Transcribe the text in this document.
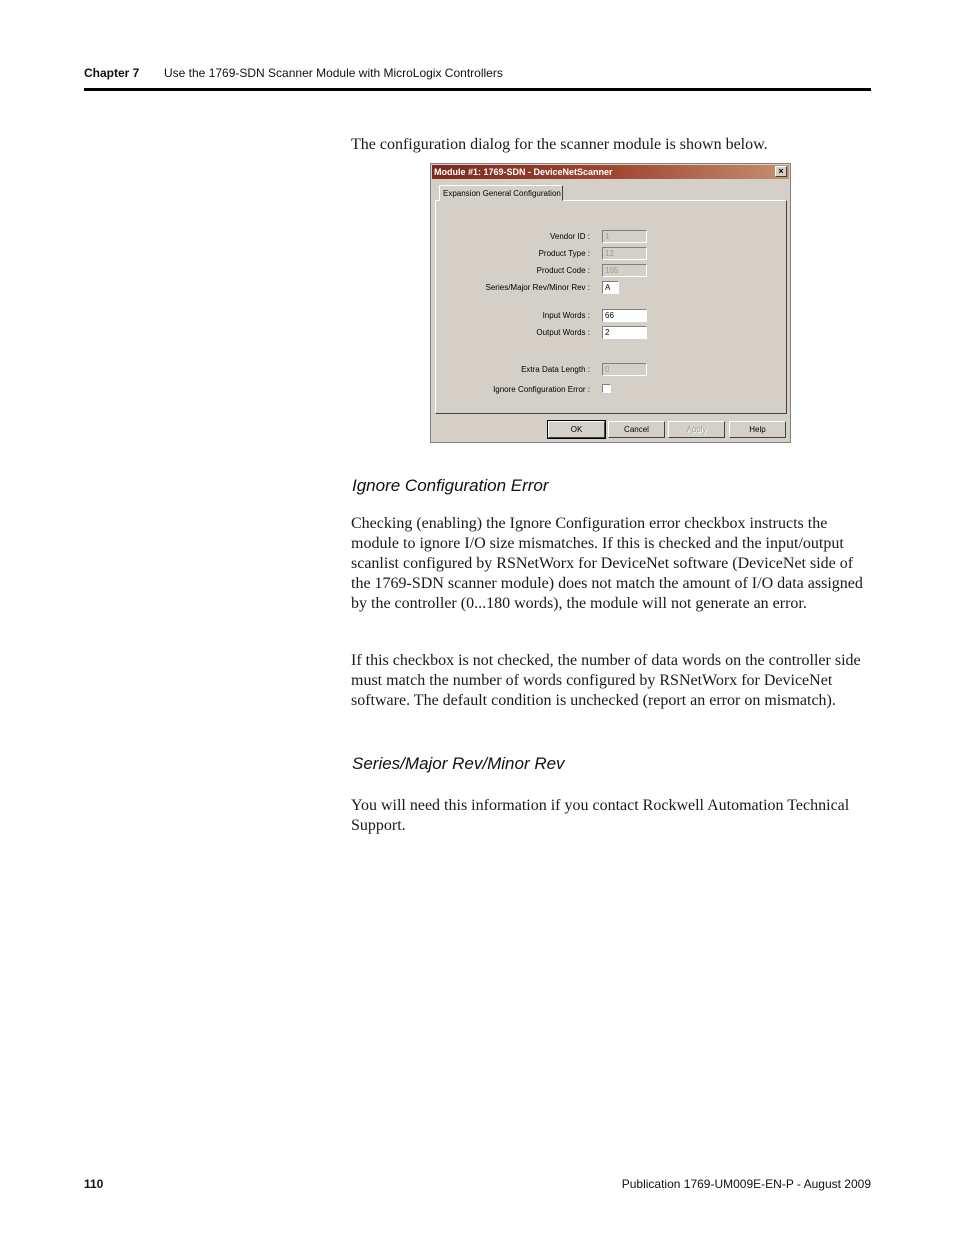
Chapter 7 Use the 1769-SDN Scanner Module with MicroLogix Controllers

The configuration dialog for the scanner module is shown below.

Module #1: 1769-SDN - DeviceNetScanner	×
Expansion General Configuration
Vendor ID :	1
Product Type :	12
Product Code :	105
Series/Major Rev/Minor Rev :	A
Input Words :	66
Output Words :	2
Extra Data Length :	0
Ignore Configuration Error :
OK	Cancel	Apply	Help
Ignore Configuration Error

Checking (enabling) the Ignore Configuration error checkbox instructs the module to ignore I/O size mismatches. If this is checked and the input/output scanlist configured by RSNetWorx for DeviceNet software (DeviceNet side of the 1769-SDN scanner module) does not match the amount of I/O data assigned by the controller (0...180 words), the module will not generate an error.

If this checkbox is not checked, the number of data words on the controller side must match the number of words configured by RSNetWorx for DeviceNet software. The default condition is unchecked (report an error on mismatch).

Series/Major Rev/Minor Rev

You will need this information if you contact Rockwell Automation Technical Support.

110	Publication 1769-UM009E-EN-P - August 2009
